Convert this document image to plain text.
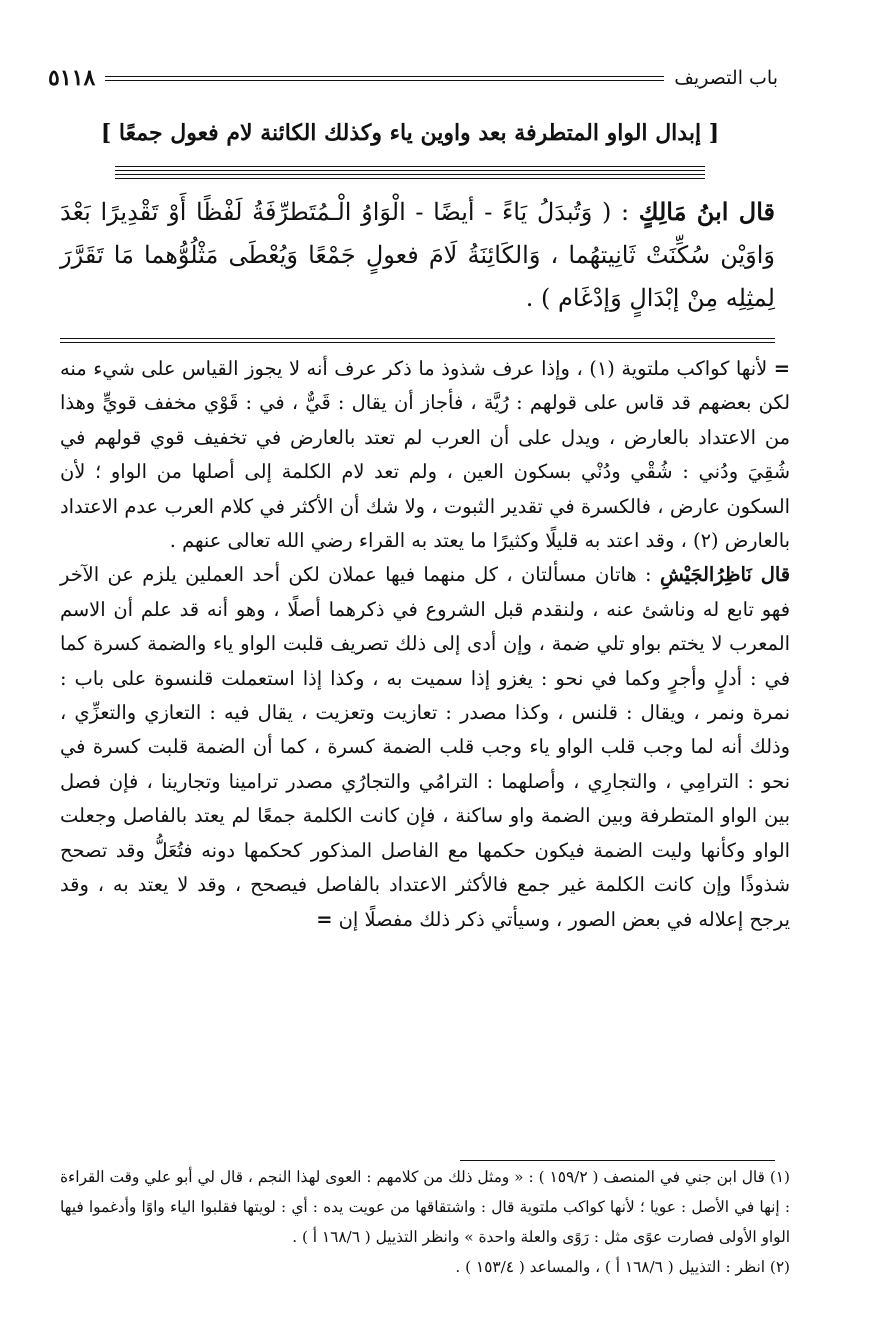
٥١١٨	باب التصريف
[ إبدال الواو المتطرفة بعد واوين ياء وكذلك الكائنة لام فعول جمعًا ]
قال ابنُ مَالِكٍ : ( وَتُبدَلُ يَاءً - أيضًا - الْوَاوُ الْـمُتَطرِّفَةُ لَفْظًا أَوْ تَقْدِيرًا بَعْدَ وَاوَيْن سُكِّنَتْ ثَانِيتهُما ، وَالكَائِنَةُ لَامَ فعولٍ جَمْعًا وَيُعْطَى مَثْلُوُّهما مَا تَقَرَّرَ لِمثِلِه مِنْ إبْدَالٍ وَإدْغَام ) .

= لأنها كواكب ملتوية (١) ، وإذا عرف شذوذ ما ذكر عرف أنه لا يجوز القياس على شيء منه لكن بعضهم قد قاس على قولهم : رُيَّة ، فأجاز أن يقال : قَيٌّ ، في : قَوْي مخفف قويٍّ وهذا من الاعتداد بالعارض ، ويدل على أن العرب لم تعتد بالعارض في تخفيف قوي قولهم في شُقِيَ ودُني : شُقْي ودُنْي بسكون العين ، ولم تعد لام الكلمة إلى أصلها من الواو ؛ لأن السكون عارض ، فالكسرة في تقدير الثبوت ، ولا شك أن الأكثر في كلام العرب عدم الاعتداد بالعارض (٢) ، وقد اعتد به قليلًا وكثيرًا ما يعتد به القراء رضي الله تعالى عنهم .

قال نَاظِرُالجَيْشِ : هاتان مسألتان ، كل منهما فيها عملان لكن أحد العملين يلزم عن الآخر فهو تابع له وناشئ عنه ، ولنقدم قبل الشروع في ذكرهما أصلًا ، وهو أنه قد علم أن الاسم المعرب لا يختم بواو تلي ضمة ، وإن أدى إلى ذلك تصريف قلبت الواو ياء والضمة كسرة كما في : أدلٍ وأجرٍ وكما في نحو : يغزو إذا سميت به ، وكذا إذا استعملت قلنسوة على باب : نمرة ونمر ، ويقال : قلنس ، وكذا مصدر : تعازيت وتعزيت ، يقال فيه : التعازي والتعزِّي ، وذلك أنه لما وجب قلب الواو ياء وجب قلب الضمة كسرة ، كما أن الضمة قلبت كسرة في نحو : الترامِي ، والتجارِي ، وأصلهما : الترامُي والتجارُي مصدر ترامينا وتجارينا ، فإن فصل بين الواو المتطرفة وبين الضمة واو ساكنة ، فإن كانت الكلمة جمعًا لم يعتد بالفاصل وجعلت الواو وكأنها وليت الضمة فيكون حكمها مع الفاصل المذكور كحكمها دونه فتُعَلُّ وقد تصحح شذوذًا وإن كانت الكلمة غير جمع فالأكثر الاعتداد بالفاصل فيصحح ، وقد لا يعتد به ، وقد يرجح إعلاله في بعض الصور ، وسيأتي ذكر ذلك مفصلًا إن =

(١) قال ابن جني في المنصف ( ١٥٩/٢ ) : « ومثل ذلك من كلامهم : العوى لهذا النجم ، قال لي أبو علي وقت القراءة : إنها في الأصل : عويا ؛ لأنها كواكب ملتوية قال : واشتقاقها من عويت يده : أي : لويتها فقلبوا الياء واوًا وأدغموا فيها الواو الأولى فصارت عوًى مثل : رَوًى والعلة واحدة » وانظر التذييل ( ١٦٨/٦ أ ) .

(٢) انظر : التذييل ( ١٦٨/٦ أ ) ، والمساعد ( ١٥٣/٤ ) .
